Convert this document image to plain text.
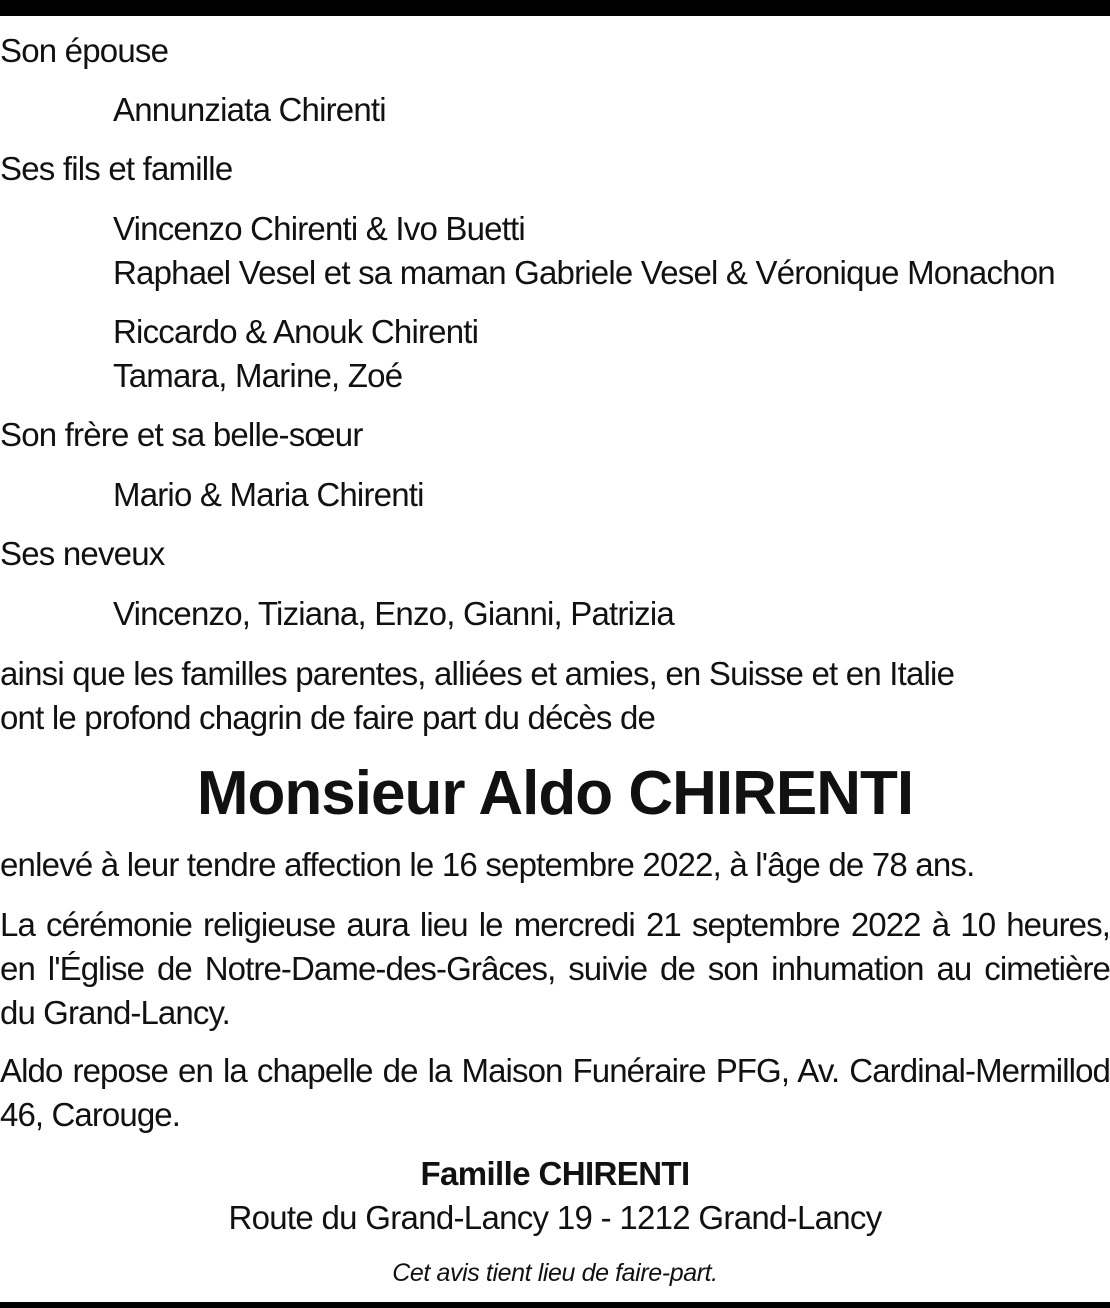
Son épouse
Annunziata Chirenti
Ses fils et famille
Vincenzo Chirenti & Ivo Buetti
Raphael Vesel et sa maman Gabriele Vesel & Véronique Monachon
Riccardo & Anouk Chirenti
Tamara, Marine, Zoé
Son frère et sa belle-sœur
Mario & Maria Chirenti
Ses neveux
Vincenzo, Tiziana, Enzo, Gianni, Patrizia
ainsi que les familles parentes, alliées et amies, en Suisse et en Italie
ont le profond chagrin de faire part du décès de
Monsieur Aldo CHIRENTI
enlevé à leur tendre affection le 16 septembre 2022, à l'âge de 78 ans.
La cérémonie religieuse aura lieu le mercredi 21 septembre 2022 à 10 heures, en l'Église de Notre-Dame-des-Grâces, suivie de son inhumation au cimetière du Grand-Lancy.
Aldo repose en la chapelle de la Maison Funéraire PFG, Av. Cardinal-Mermillod 46, Carouge.
Famille CHIRENTI
Route du Grand-Lancy 19 - 1212 Grand-Lancy
Cet avis tient lieu de faire-part.
